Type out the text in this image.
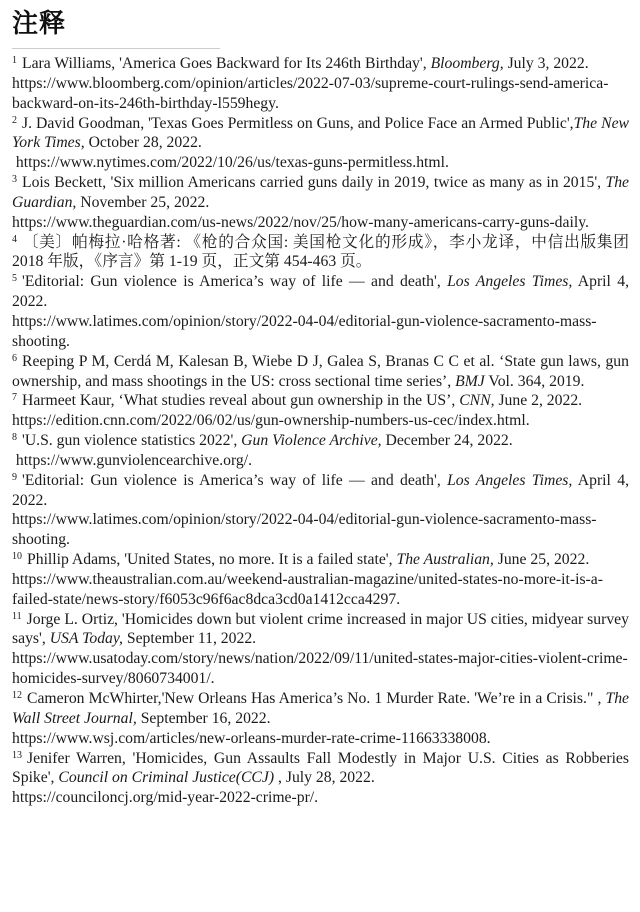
注释

$^1$ Lara Williams, 'America Goes Backward for Its 246th Birthday', Bloomberg, July 3, 2022.
https://www.bloomberg.com/opinion/articles/2022-07-03/supreme-court-rulings-send-america-backward-on-its-246th-birthday-l559hegy.

$^2$ J. David Goodman, 'Texas Goes Permitless on Guns, and Police Face an Armed Public',The New York Times, October 28, 2022.
https://www.nytimes.com/2022/10/26/us/texas-guns-permitless.html.

$^3$ Lois Beckett, 'Six million Americans carried guns daily in 2019, twice as many as in 2015', The Guardian, November 25, 2022.
https://www.theguardian.com/us-news/2022/nov/25/how-many-americans-carry-guns-daily.

$^4$ 〔美〕帕梅拉·哈格著: 《枪的合众国: 美国枪文化的形成》，李小龙译，中信出版集团 2018 年版，《序言》第 1-19 页，正文第 454-463 页。

$^5$ 'Editorial: Gun violence is America’s way of life — and death', Los Angeles Times, April 4, 2022.
https://www.latimes.com/opinion/story/2022-04-04/editorial-gun-violence-sacramento-mass-shooting.

$^6$ Reeping P M, Cerdá M, Kalesan B, Wiebe D J, Galea S, Branas C C et al. ‘State gun laws, gun ownership, and mass shootings in the US: cross sectional time series’, BMJ Vol. 364, 2019.

$^7$ Harmeet Kaur, ‘What studies reveal about gun ownership in the US’, CNN, June 2, 2022.
https://edition.cnn.com/2022/06/02/us/gun-ownership-numbers-us-cec/index.html.

$^8$ 'U.S. gun violence statistics 2022', Gun Violence Archive, December 24, 2022.
https://www.gunviolencearchive.org/.

$^9$ 'Editorial: Gun violence is America’s way of life — and death', Los Angeles Times, April 4, 2022.
https://www.latimes.com/opinion/story/2022-04-04/editorial-gun-violence-sacramento-mass-shooting.

$^{10}$ Phillip Adams, 'United States, no more. It is a failed state', The Australian, June 25, 2022.
https://www.theaustralian.com.au/weekend-australian-magazine/united-states-no-more-it-is-a-failed-state/news-story/f6053c96f6ac8dca3cd0a1412cca4297.

$^{11}$ Jorge L. Ortiz, 'Homicides down but violent crime increased in major US cities, midyear survey says', USA Today, September 11, 2022.
https://www.usatoday.com/story/news/nation/2022/09/11/united-states-major-cities-violent-crime-homicides-survey/8060734001/.

$^{12}$ Cameron McWhirter,'New Orleans Has America’s No. 1 Murder Rate. 'We’re in a Crisis." , The Wall Street Journal, September 16, 2022.
https://www.wsj.com/articles/new-orleans-murder-rate-crime-11663338008.

$^{13}$ Jenifer Warren, 'Homicides, Gun Assaults Fall Modestly in Major U.S. Cities as Robberies Spike', Council on Criminal Justice(CCJ) , July 28, 2022.
https://counciloncj.org/mid-year-2022-crime-pr/.
